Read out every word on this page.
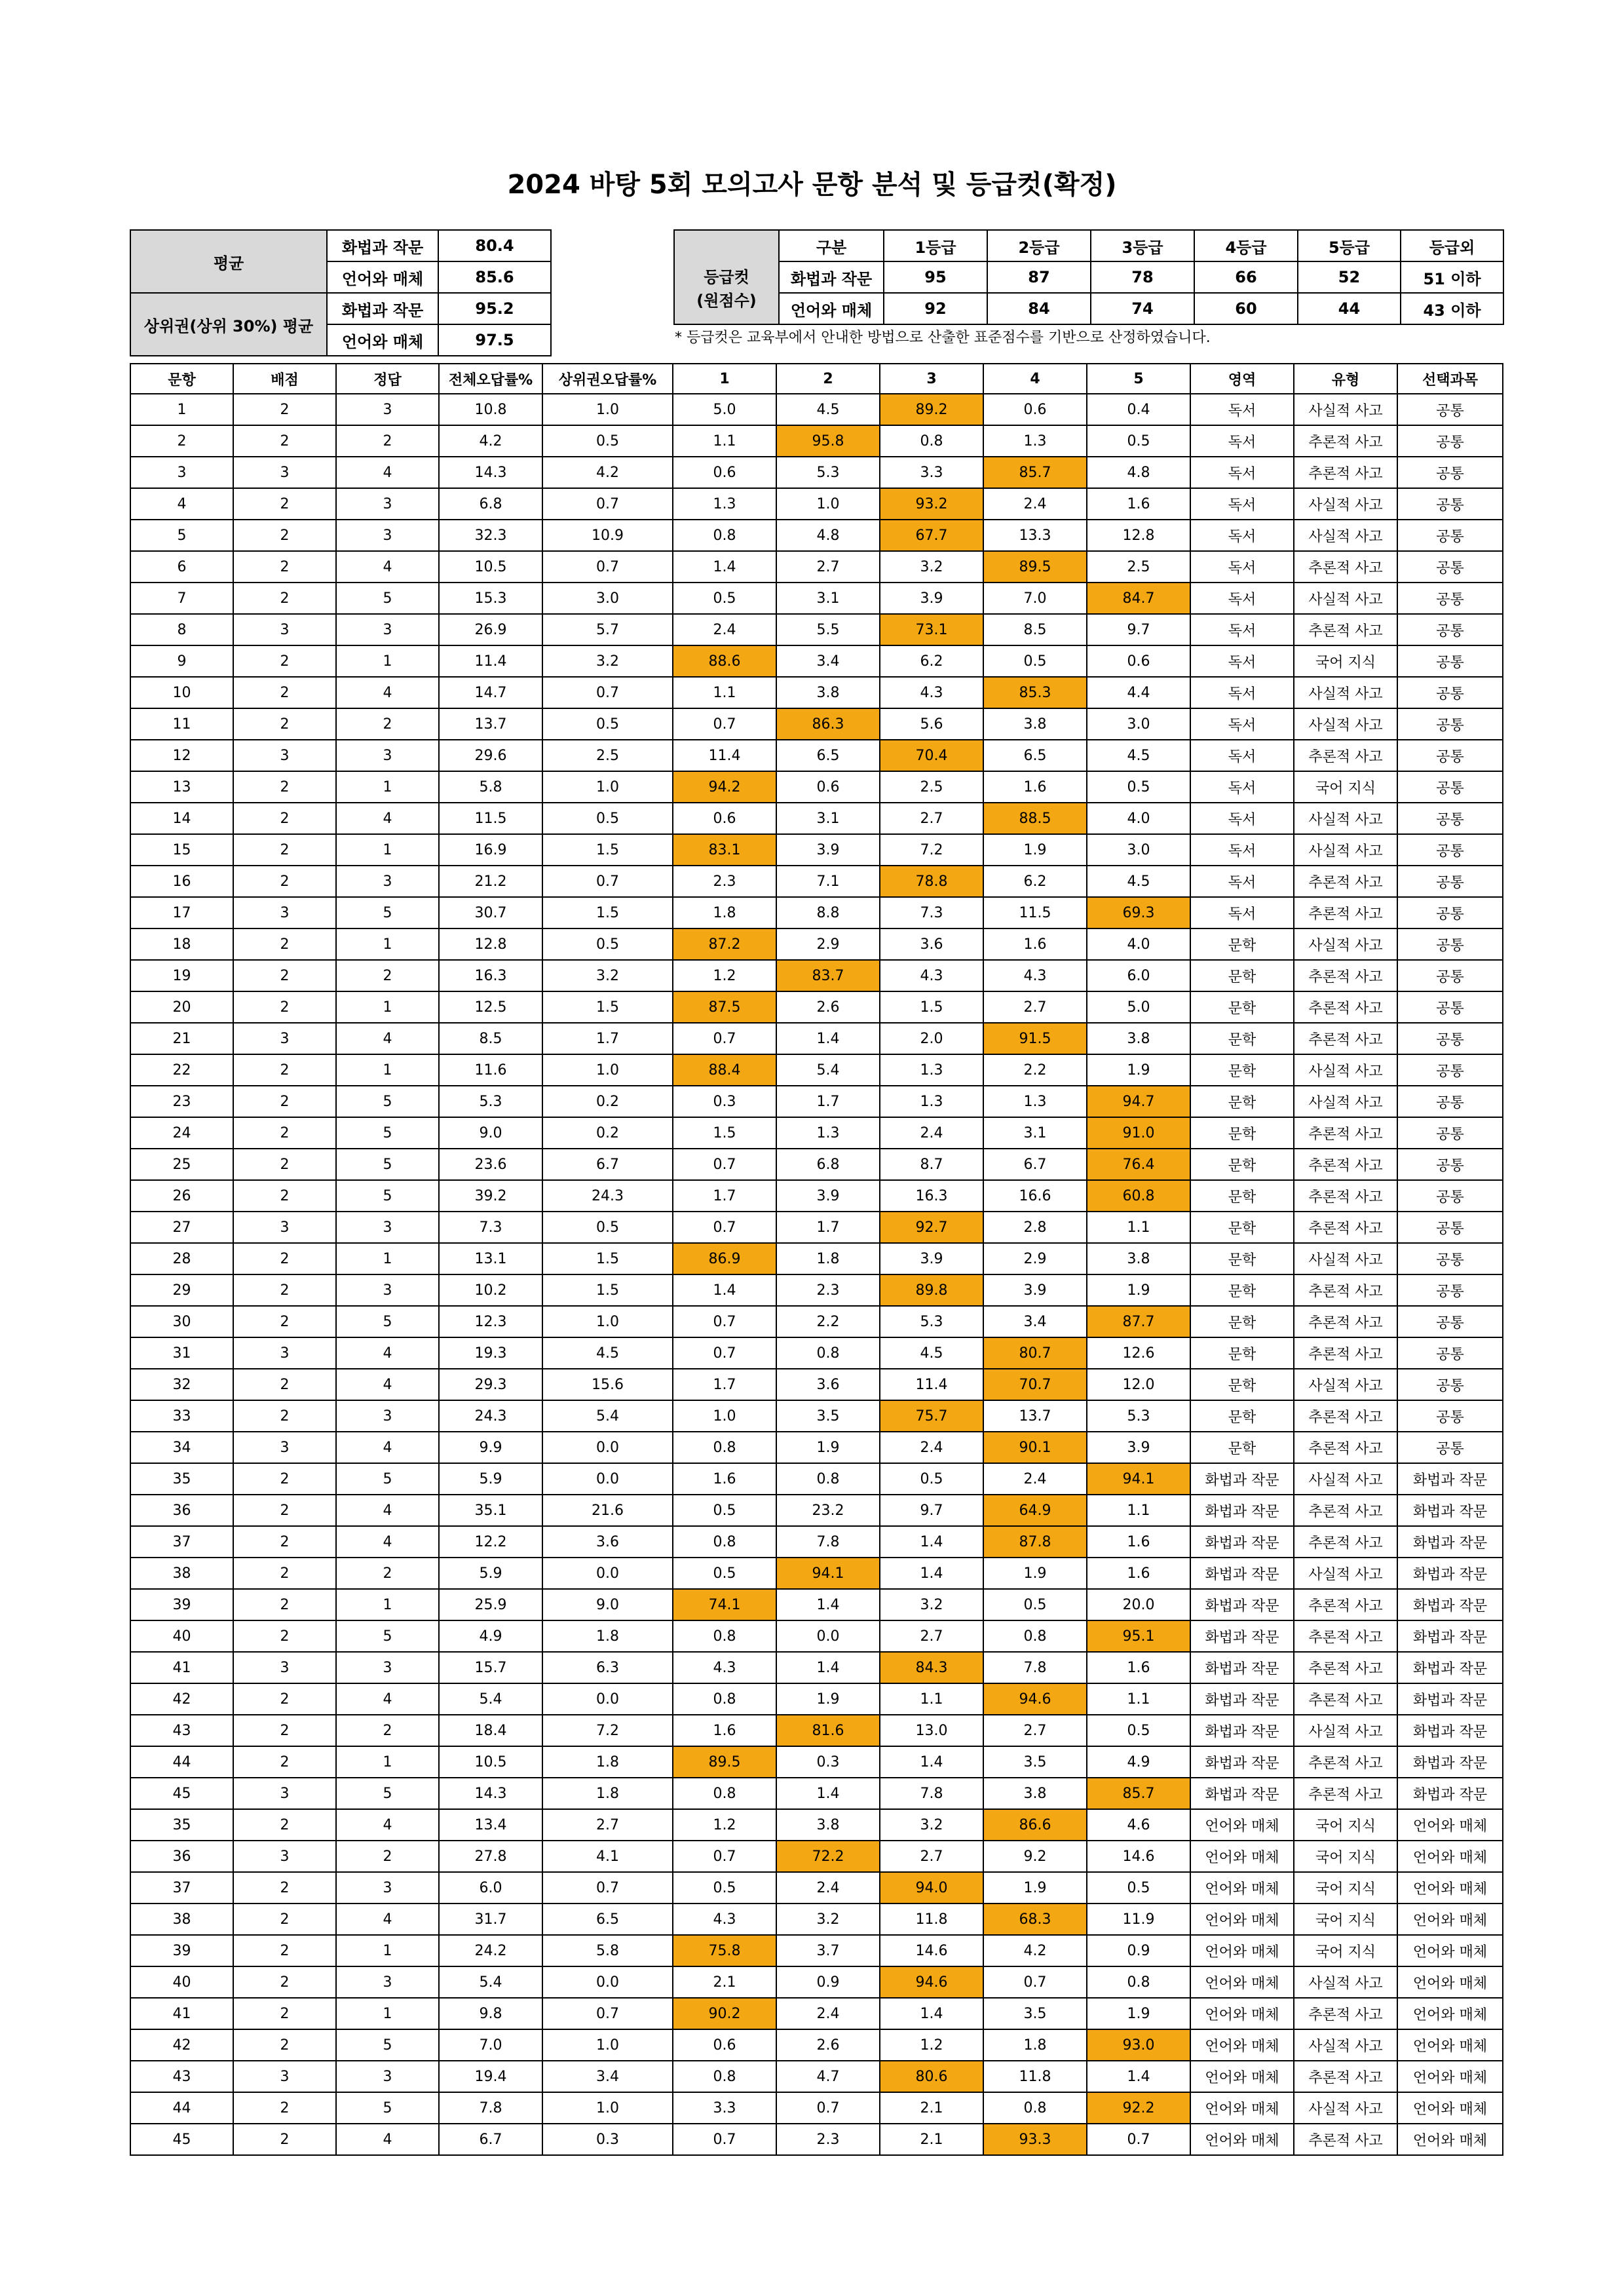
2024 바탕 5회 모의고사 문항 분석 및 등급컷(확정)
평균	화법과 작문	80.4
	언어와 매체	85.6
상위권(상위 30%) 평균	화법과 작문	95.2
	언어와 매체	97.5

등급컷
(원점수)	구분	1등급	2등급	3등급	4등급	5등급	등급외
	화법과 작문	95	87	78	66	52	51 이하
	언어와 매체	92	84	74	60	44	43 이하
* 등급컷은 교육부에서 안내한 방법으로 산출한 표준점수를 기반으로 산정하였습니다.
문항	배점	정답	전체오답률%	상위권오답률%	1	2	3	4	5	영역	유형	선택과목
1	2	3	10.8	1.0	5.0	4.5	89.2	0.6	0.4	독서	사실적 사고	공통
2	2	2	4.2	0.5	1.1	95.8	0.8	1.3	0.5	독서	추론적 사고	공통
3	3	4	14.3	4.2	0.6	5.3	3.3	85.7	4.8	독서	추론적 사고	공통
4	2	3	6.8	0.7	1.3	1.0	93.2	2.4	1.6	독서	사실적 사고	공통
5	2	3	32.3	10.9	0.8	4.8	67.7	13.3	12.8	독서	사실적 사고	공통
6	2	4	10.5	0.7	1.4	2.7	3.2	89.5	2.5	독서	추론적 사고	공통
7	2	5	15.3	3.0	0.5	3.1	3.9	7.0	84.7	독서	사실적 사고	공통
8	3	3	26.9	5.7	2.4	5.5	73.1	8.5	9.7	독서	추론적 사고	공통
9	2	1	11.4	3.2	88.6	3.4	6.2	0.5	0.6	독서	국어 지식	공통
10	2	4	14.7	0.7	1.1	3.8	4.3	85.3	4.4	독서	사실적 사고	공통
11	2	2	13.7	0.5	0.7	86.3	5.6	3.8	3.0	독서	사실적 사고	공통
12	3	3	29.6	2.5	11.4	6.5	70.4	6.5	4.5	독서	추론적 사고	공통
13	2	1	5.8	1.0	94.2	0.6	2.5	1.6	0.5	독서	국어 지식	공통
14	2	4	11.5	0.5	0.6	3.1	2.7	88.5	4.0	독서	사실적 사고	공통
15	2	1	16.9	1.5	83.1	3.9	7.2	1.9	3.0	독서	사실적 사고	공통
16	2	3	21.2	0.7	2.3	7.1	78.8	6.2	4.5	독서	추론적 사고	공통
17	3	5	30.7	1.5	1.8	8.8	7.3	11.5	69.3	독서	추론적 사고	공통
18	2	1	12.8	0.5	87.2	2.9	3.6	1.6	4.0	문학	사실적 사고	공통
19	2	2	16.3	3.2	1.2	83.7	4.3	4.3	6.0	문학	추론적 사고	공통
20	2	1	12.5	1.5	87.5	2.6	1.5	2.7	5.0	문학	추론적 사고	공통
21	3	4	8.5	1.7	0.7	1.4	2.0	91.5	3.8	문학	추론적 사고	공통
22	2	1	11.6	1.0	88.4	5.4	1.3	2.2	1.9	문학	사실적 사고	공통
23	2	5	5.3	0.2	0.3	1.7	1.3	1.3	94.7	문학	사실적 사고	공통
24	2	5	9.0	0.2	1.5	1.3	2.4	3.1	91.0	문학	추론적 사고	공통
25	2	5	23.6	6.7	0.7	6.8	8.7	6.7	76.4	문학	추론적 사고	공통
26	2	5	39.2	24.3	1.7	3.9	16.3	16.6	60.8	문학	추론적 사고	공통
27	3	3	7.3	0.5	0.7	1.7	92.7	2.8	1.1	문학	추론적 사고	공통
28	2	1	13.1	1.5	86.9	1.8	3.9	2.9	3.8	문학	사실적 사고	공통
29	2	3	10.2	1.5	1.4	2.3	89.8	3.9	1.9	문학	추론적 사고	공통
30	2	5	12.3	1.0	0.7	2.2	5.3	3.4	87.7	문학	추론적 사고	공통
31	3	4	19.3	4.5	0.7	0.8	4.5	80.7	12.6	문학	추론적 사고	공통
32	2	4	29.3	15.6	1.7	3.6	11.4	70.7	12.0	문학	사실적 사고	공통
33	2	3	24.3	5.4	1.0	3.5	75.7	13.7	5.3	문학	추론적 사고	공통
34	3	4	9.9	0.0	0.8	1.9	2.4	90.1	3.9	문학	추론적 사고	공통
35	2	5	5.9	0.0	1.6	0.8	0.5	2.4	94.1	화법과 작문	사실적 사고	화법과 작문
36	2	4	35.1	21.6	0.5	23.2	9.7	64.9	1.1	화법과 작문	추론적 사고	화법과 작문
37	2	4	12.2	3.6	0.8	7.8	1.4	87.8	1.6	화법과 작문	추론적 사고	화법과 작문
38	2	2	5.9	0.0	0.5	94.1	1.4	1.9	1.6	화법과 작문	사실적 사고	화법과 작문
39	2	1	25.9	9.0	74.1	1.4	3.2	0.5	20.0	화법과 작문	추론적 사고	화법과 작문
40	2	5	4.9	1.8	0.8	0.0	2.7	0.8	95.1	화법과 작문	추론적 사고	화법과 작문
41	3	3	15.7	6.3	4.3	1.4	84.3	7.8	1.6	화법과 작문	추론적 사고	화법과 작문
42	2	4	5.4	0.0	0.8	1.9	1.1	94.6	1.1	화법과 작문	추론적 사고	화법과 작문
43	2	2	18.4	7.2	1.6	81.6	13.0	2.7	0.5	화법과 작문	사실적 사고	화법과 작문
44	2	1	10.5	1.8	89.5	0.3	1.4	3.5	4.9	화법과 작문	추론적 사고	화법과 작문
45	3	5	14.3	1.8	0.8	1.4	7.8	3.8	85.7	화법과 작문	추론적 사고	화법과 작문
35	2	4	13.4	2.7	1.2	3.8	3.2	86.6	4.6	언어와 매체	국어 지식	언어와 매체
36	3	2	27.8	4.1	0.7	72.2	2.7	9.2	14.6	언어와 매체	국어 지식	언어와 매체
37	2	3	6.0	0.7	0.5	2.4	94.0	1.9	0.5	언어와 매체	국어 지식	언어와 매체
38	2	4	31.7	6.5	4.3	3.2	11.8	68.3	11.9	언어와 매체	국어 지식	언어와 매체
39	2	1	24.2	5.8	75.8	3.7	14.6	4.2	0.9	언어와 매체	국어 지식	언어와 매체
40	2	3	5.4	0.0	2.1	0.9	94.6	0.7	0.8	언어와 매체	사실적 사고	언어와 매체
41	2	1	9.8	0.7	90.2	2.4	1.4	3.5	1.9	언어와 매체	추론적 사고	언어와 매체
42	2	5	7.0	1.0	0.6	2.6	1.2	1.8	93.0	언어와 매체	사실적 사고	언어와 매체
43	3	3	19.4	3.4	0.8	4.7	80.6	11.8	1.4	언어와 매체	추론적 사고	언어와 매체
44	2	5	7.8	1.0	3.3	0.7	2.1	0.8	92.2	언어와 매체	사실적 사고	언어와 매체
45	2	4	6.7	0.3	0.7	2.3	2.1	93.3	0.7	언어와 매체	추론적 사고	언어와 매체
